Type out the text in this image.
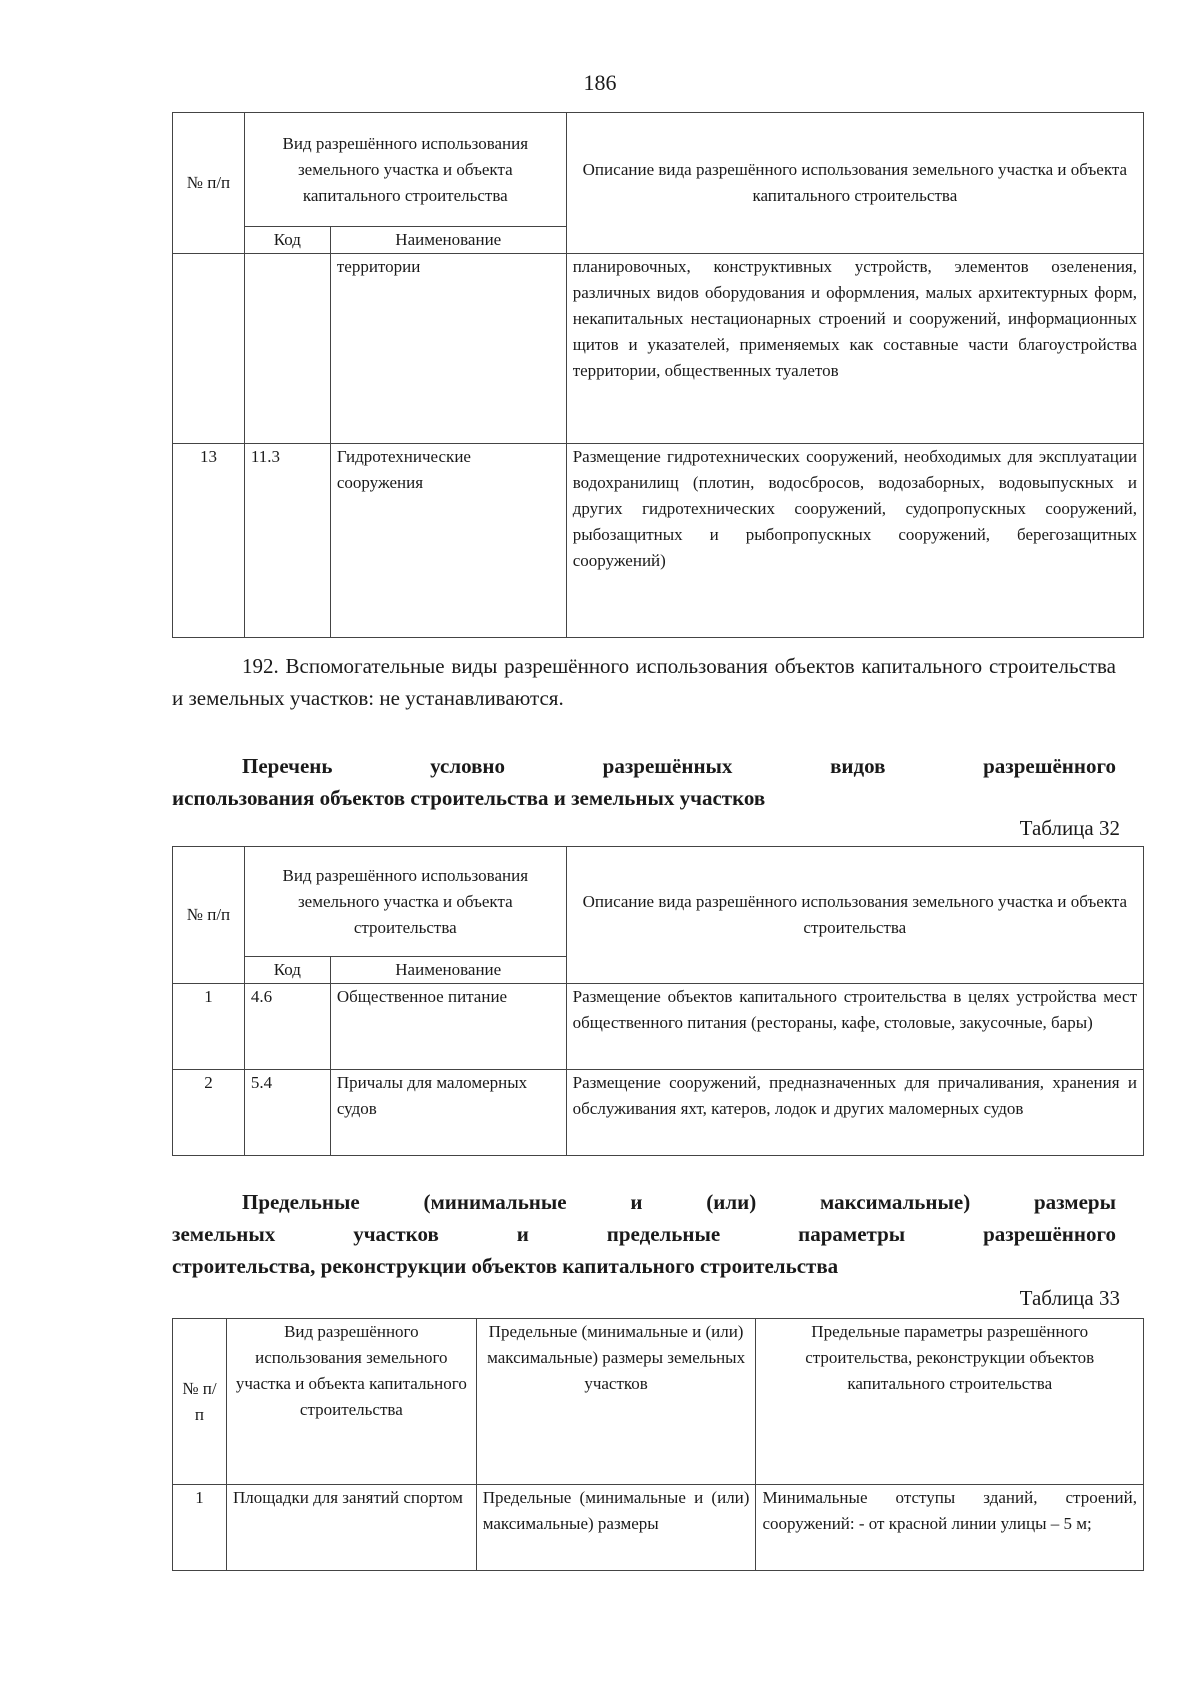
186
№ п/п	Вид разрешённого использования земельного участка и объекта капитального строительства		Описание вида разрешённого использования земельного участка и объекта капитального строительства
	Код	Наименование	
		территории	планировочных, конструктивных устройств, элементов озеленения, различных видов оборудования и оформления, малых архитектурных форм, некапитальных нестационарных строений и сооружений, информационных щитов и указателей, применяемых как составные части благоустройства территории, общественных туалетов
13	11.3	Гидротехнические сооружения	Размещение гидротехнических сооружений, необходимых для эксплуатации водохранилищ (плотин, водосбросов, водозаборных, водовыпускных и других гидротехнических сооружений, судопропускных сооружений, рыбозащитных и рыбопропускных сооружений, берегозащитных сооружений)
192. Вспомогательные виды разрешённого использования объектов капитального строительства и земельных участков: не устанавливаются.
Перечень условно разрешённых видов разрешённого
использования объектов строительства и земельных участков
Таблица 32
№ п/п	Вид разрешённого использования земельного участка и объекта строительства		Описание вида разрешённого использования земельного участка и объекта строительства
	Код	Наименование	
1	4.6	Общественное питание	Размещение объектов капитального строительства в целях устройства мест общественного питания (рестораны, кафе, столовые, закусочные, бары)
2	5.4	Причалы для маломерных судов	Размещение сооружений, предназначенных для причаливания, хранения и обслуживания яхт, катеров, лодок и других маломерных судов
Предельные (минимальные и (или) максимальные) размеры
земельных участков и предельные параметры разрешённого
строительства, реконструкции объектов капитального строительства
Таблица 33
№ п/п	Вид разрешённого использования земельного участка и объекта капитального строительства	Предельные (минимальные и (или) максимальные) размеры земельных участков	Предельные параметры разрешённого строительства, реконструкции объектов капитального строительства
1	Площадки для занятий спортом	Предельные (минимальные и (или) максимальные) размеры	Минимальные отступы зданий, строений, сооружений: - от красной линии улицы – 5 м;
